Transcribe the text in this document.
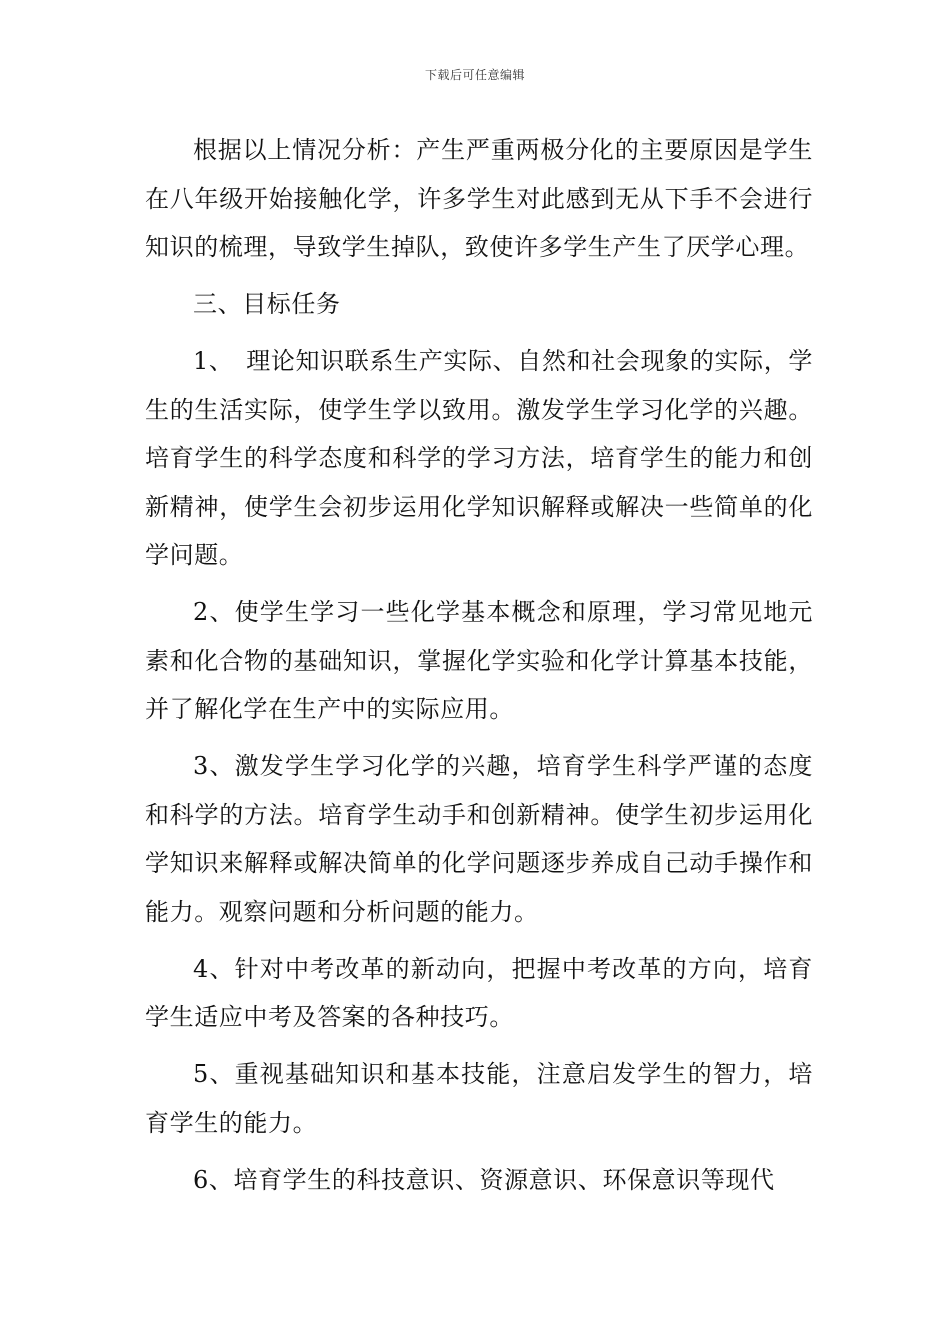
下载后可任意编辑

根据以上情况分析：产生严重两极分化的主要原因是学生在八年级开始接触化学，许多学生对此感到无从下手不会进行知识的梳理，导致学生掉队，致使许多学生产生了厌学心理。

三、目标任务

1、　理论知识联系生产实际、自然和社会现象的实际，学生的生活实际，使学生学以致用。激发学生学习化学的兴趣。培育学生的科学态度和科学的学习方法，培育学生的能力和创新精神，使学生会初步运用化学知识解释或解决一些简单的化学问题。

2、使学生学习一些化学基本概念和原理，学习常见地元素和化合物的基础知识，掌握化学实验和化学计算基本技能，并了解化学在生产中的实际应用。

3、激发学生学习化学的兴趣，培育学生科学严谨的态度和科学的方法。培育学生动手和创新精神。使学生初步运用化学知识来解释或解决简单的化学问题逐步养成自己动手操作和能力。观察问题和分析问题的能力。

4、针对中考改革的新动向，把握中考改革的方向，培育学生适应中考及答案的各种技巧。

5、重视基础知识和基本技能，注意启发学生的智力，培育学生的能力。

6、培育学生的科技意识、资源意识、环保意识等现代
